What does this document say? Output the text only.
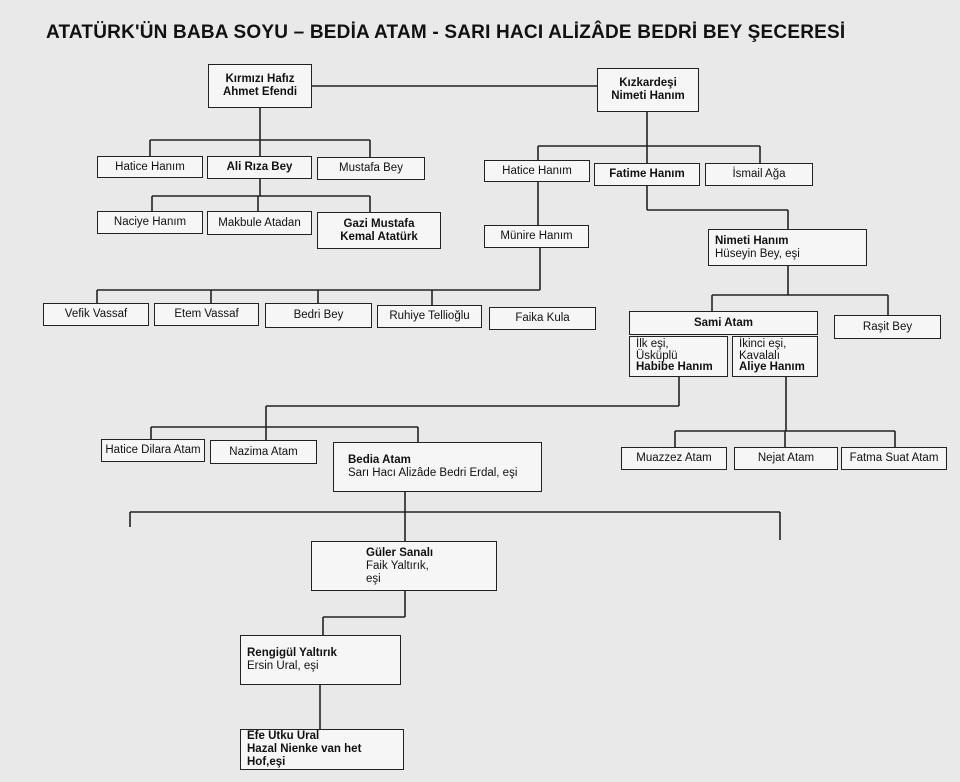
ATATÜRK'ÜN BABA SOYU – BEDİA ATAM - SARI HACI ALİZÂDE BEDRİ BEY ŞECERESİ
Kırmızı Hafız
Ahmet Efendi
Kızkardeşi
Nimeti Hanım
Hatice Hanım	Ali Rıza Bey	Mustafa Bey	Hatice Hanım	Fatime Hanım	İsmail Ağa
Naciye Hanım	Makbule Atadan	Gazi Mustafa
Kemal Atatürk	Münire Hanım	Nimeti Hanım
Hüseyin Bey, eşi
Vefik Vassaf	Etem Vassaf	Bedri Bey	Ruhiye Tellioğlu	Faika Kula	Sami Atam	Raşit Bey
İlk eşi,
Üsküplü
Habibe Hanım
İkinci eşi,
Kavalalı
Aliye Hanım
Hatice Dilara Atam	Nazima Atam
Bedia Atam
Sarı Hacı Alizâde Bedri Erdal, eşi
Muazzez Atam	Nejat Atam	Fatma Suat Atam
Güler Sanalı
Faik Yaltırık, eşi
Rengigül Yaltırık
Ersin Ural, eşi
Efe Utku Ural
Hazal Nienke van het Hof,eşi
